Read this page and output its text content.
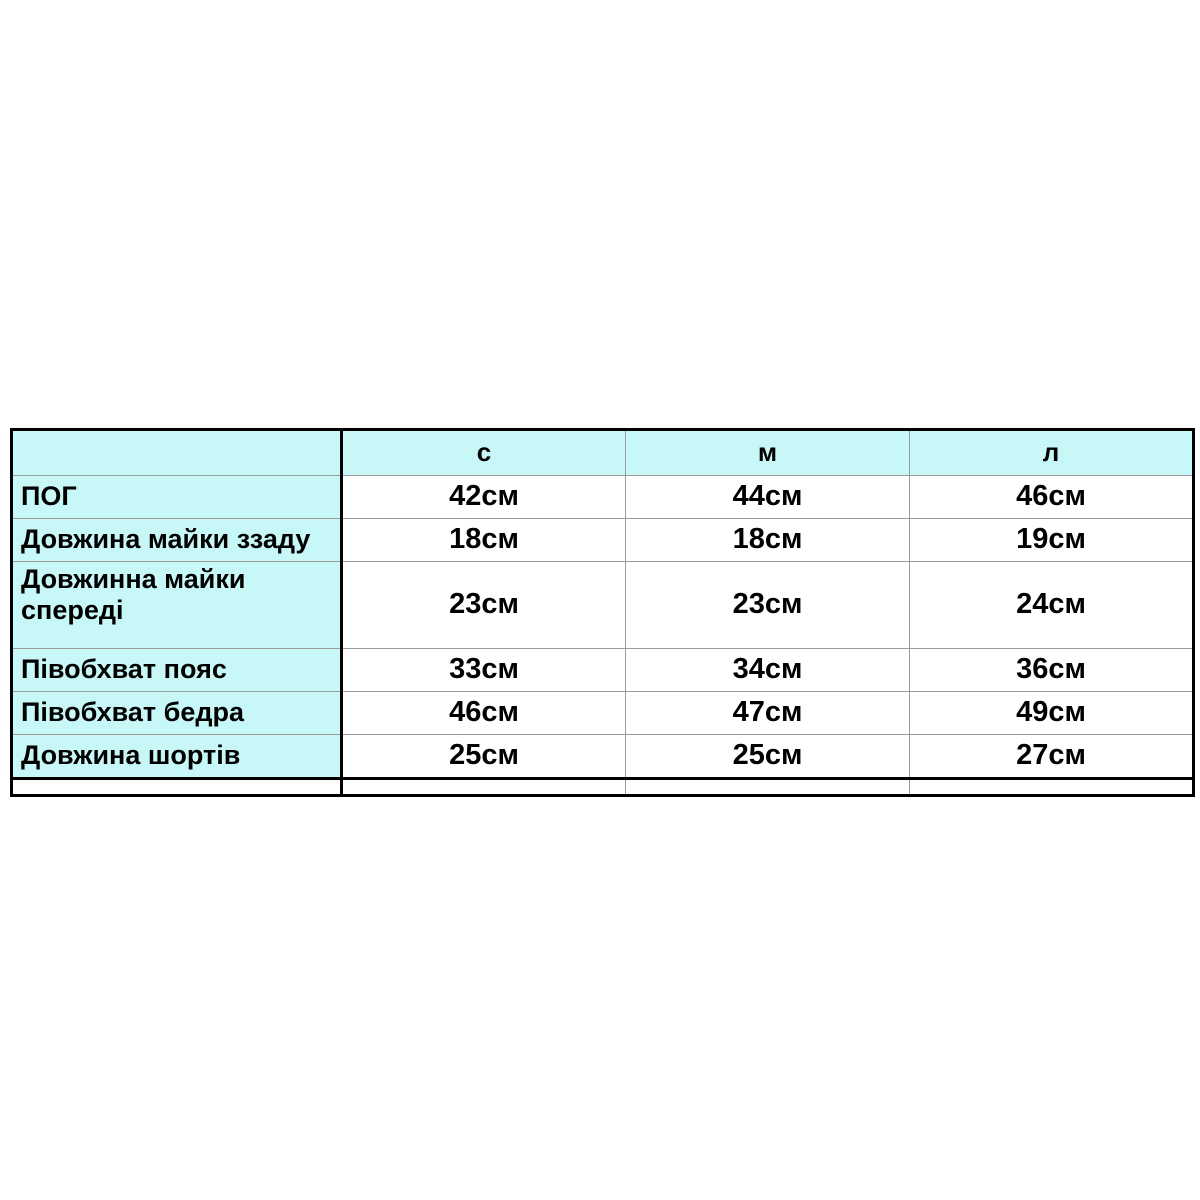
	с	м	л
ПОГ	42см	44см	46см
Довжина майки ззаду	18см	18см	19см
Довжинна майки спереді	23см	23см	24см
Півобхват пояс	33см	34см	36см
Півобхват бедра	46см	47см	49см
Довжина шортів	25см	25см	27см
